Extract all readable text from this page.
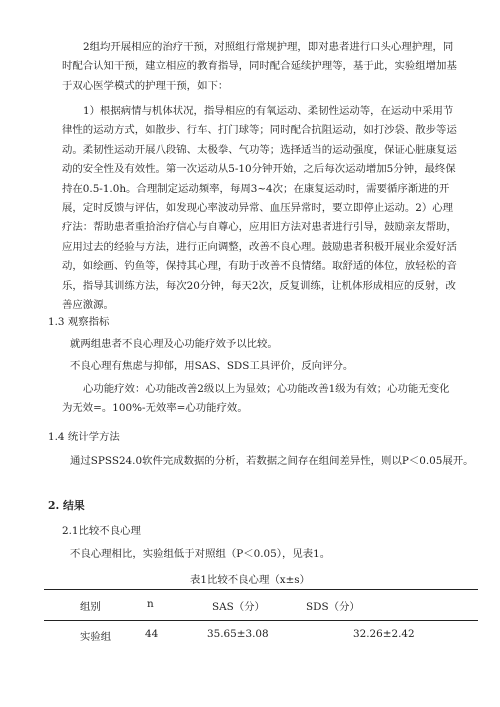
2组均开展相应的治疗干预，对照组行常规护理，即对患者进行口头心理护理，同时配合认知干预，建立相应的教育指导，同时配合延续护理等，基于此，实验组增加基于双心医学模式的护理干预，如下：
1）根据病情与机体状况，指导相应的有氧运动、柔韧性运动等，在运动中采用节律性的运动方式，如散步、行车、打门球等；同时配合抗阻运动，如打沙袋、散步等运动。柔韧性运动开展八段锦、太极拳、气功等；选择适当的运动强度，保证心脏康复运动的安全性及有效性。第一次运动从5-10分钟开始，之后每次运动增加5分钟，最终保持在0.5-1.0h。合理制定运动频率，每周3~4次；在康复运动时，需要循序渐进的开展，定时反馈与评估，如发现心率波动异常、血压异常时，要立即停止运动。2）心理疗法：帮助患者重拾治疗信心与自尊心，应用旧方法对患者进行引导，鼓励亲友帮助，应用过去的经验与方法，进行正向调整，改善不良心理。鼓励患者积极开展业余爱好活动，如绘画、钓鱼等，保持其心理，有助于改善不良情绪。取舒适的体位，放轻松的音乐，指导其训练方法，每次20分钟，每天2次，反复训练，让机体形成相应的反射，改善应激源。
1.3 观察指标
就两组患者不良心理及心功能疗效予以比较。
不良心理有焦虑与抑郁，用SAS、SDS工具评价，反向评分。
心功能疗效：心功能改善2级以上为显效；心功能改善1级为有效；心功能无变化为无效=。100%-无效率=心功能疗效。
1.4 统计学方法
通过SPSS24.0软件完成数据的分析，若数据之间存在组间差异性，则以P＜0.05展开。
2. 结果
2.1比较不良心理
不良心理相比，实验组低于对照组（P＜0.05），见表1。
表1比较不良心理（x±s）
组别	n	SAS（分）	SDS（分）
实验组	44	35.65±3.08	32.26±2.42
